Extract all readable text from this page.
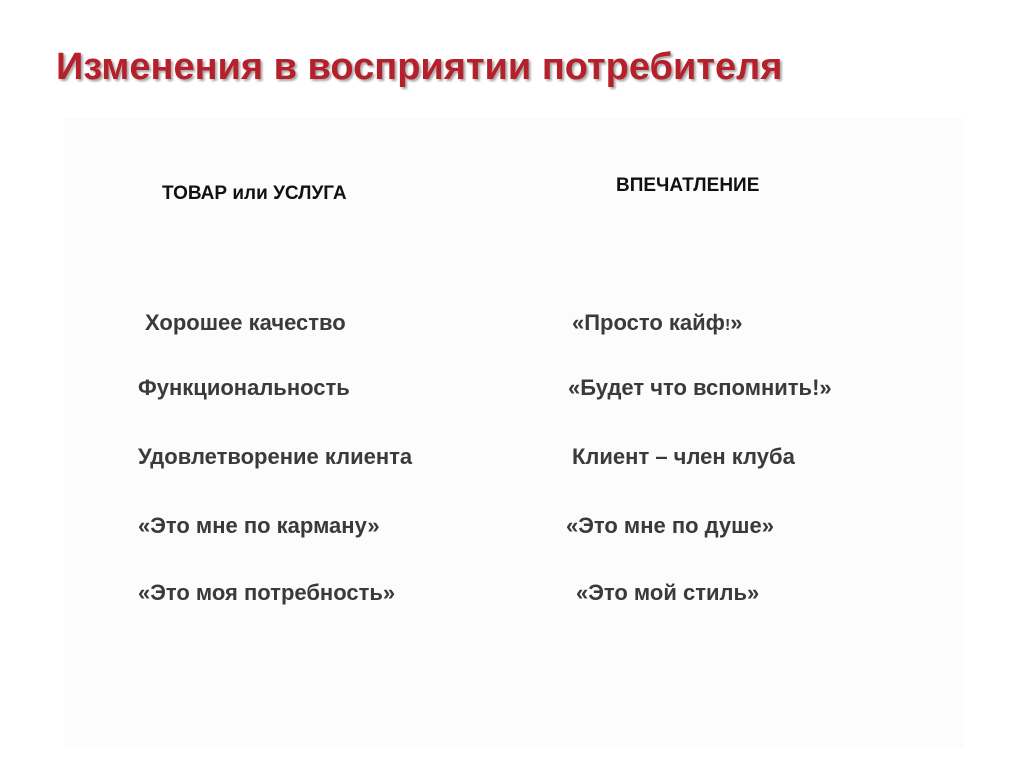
Изменения в восприятии потребителя
ТОВАР или УСЛУГА	ВПЕЧАТЛЕНИЕ
Хорошее качество
Функциональность
Удовлетворение клиента
«Это мне по карману»
«Это моя потребность»
«Просто кайф!»
«Будет что вспомнить!»
Клиент – член клуба
«Это мне по душе»
«Это мой стиль»
